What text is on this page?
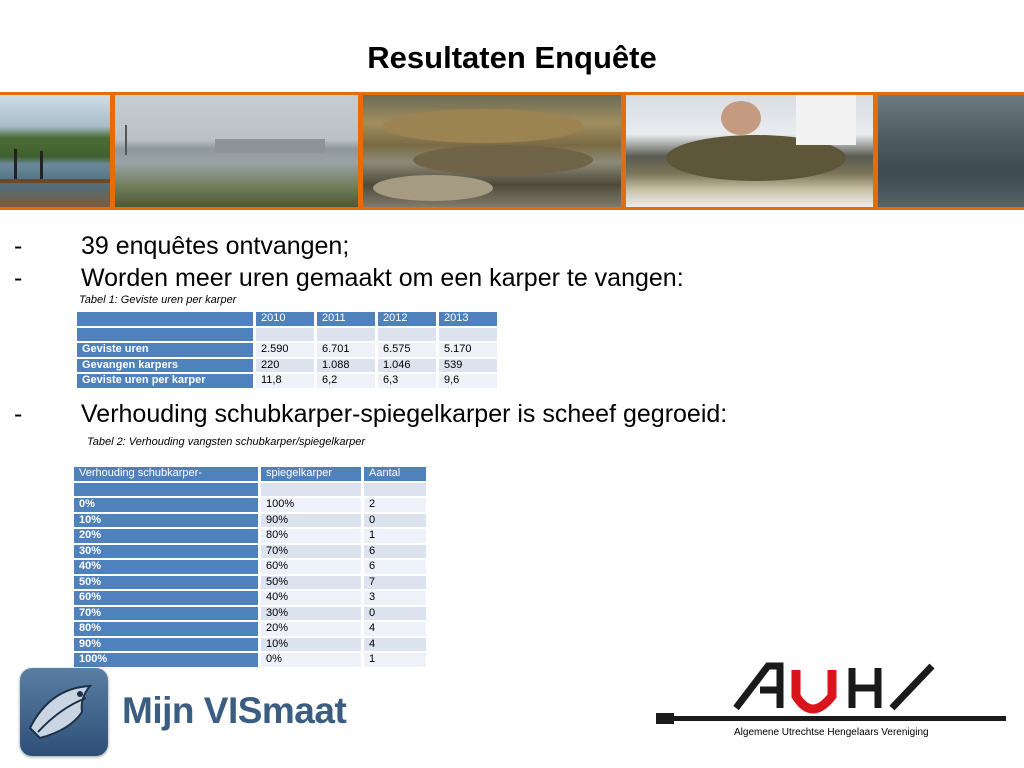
Resultaten Enquête
- 39 enquêtes ontvangen;
- Worden meer uren gemaakt om een karper te vangen:
Tabel 1: Geviste uren per karper
	2010	2011	2012	2013

Geviste uren	2.590	6.701	6.575	5.170
Gevangen karpers	220	1.088	1.046	539
Geviste uren per karper	11,8	6,2	6,3	9,6
- Verhouding schubkarper-spiegelkarper is scheef gegroeid:
Tabel 2: Verhouding vangsten schubkarper/spiegelkarper
Verhouding schubkarper-	spiegelkarper	Aantal

0%	100%	2
10%	90%	0
20%	80%	1
30%	70%	6
40%	60%	6
50%	50%	7
60%	40%	3
70%	30%	0
80%	20%	4
90%	10%	4
100%	0%	1
Mijn VISmaat	AUHV
Algemene Utrechtse Hengelaars Vereniging
